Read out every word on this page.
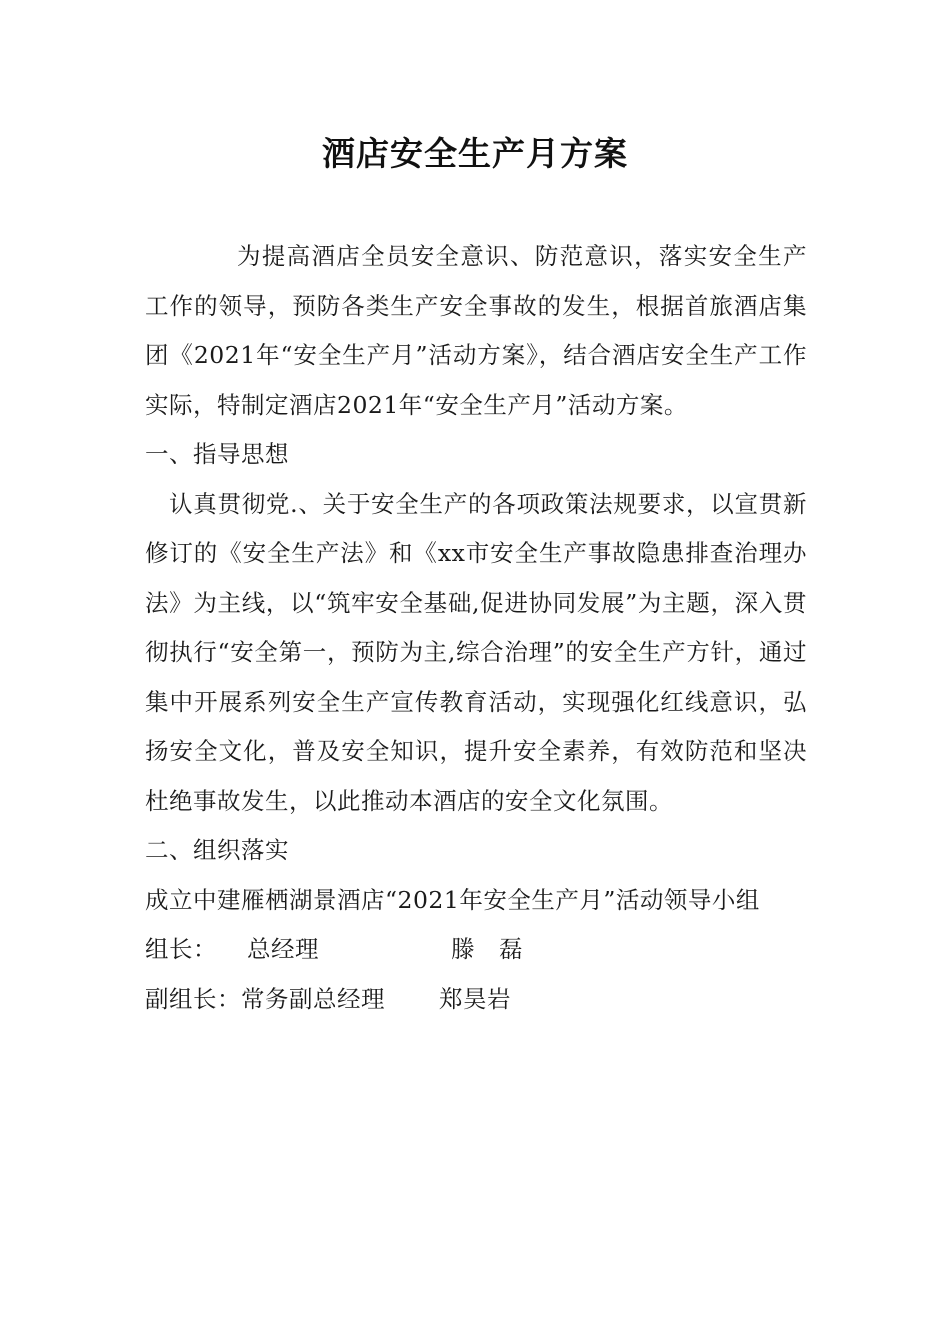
酒店安全生产月方案

为提高酒店全员安全意识、防范意识，落实安全生产工作的领导，预防各类生产安全事故的发生，根据首旅酒店集团《2021年“安全生产月”活动方案》，结合酒店安全生产工作实际，特制定酒店2021年“安全生产月”活动方案。

一、指导思想

认真贯彻党.、关于安全生产的各项政策法规要求，以宣贯新修订的《安全生产法》和《xx市安全生产事故隐患排查治理办法》为主线，以“筑牢安全基础,促进协同发展”为主题，深入贯彻执行“安全第一，预防为主,综合治理”的安全生产方针，通过集中开展系列安全生产宣传教育活动，实现强化红线意识，弘扬安全文化，普及安全知识，提升安全素养，有效防范和坚决杜绝事故发生，以此推动本酒店的安全文化氛围。

二、组织落实

成立中建雁栖湖景酒店“2021年安全生产月”活动领导小组

组长： 总经理	滕　磊

副组长：常务副总经理 郑昊岩
